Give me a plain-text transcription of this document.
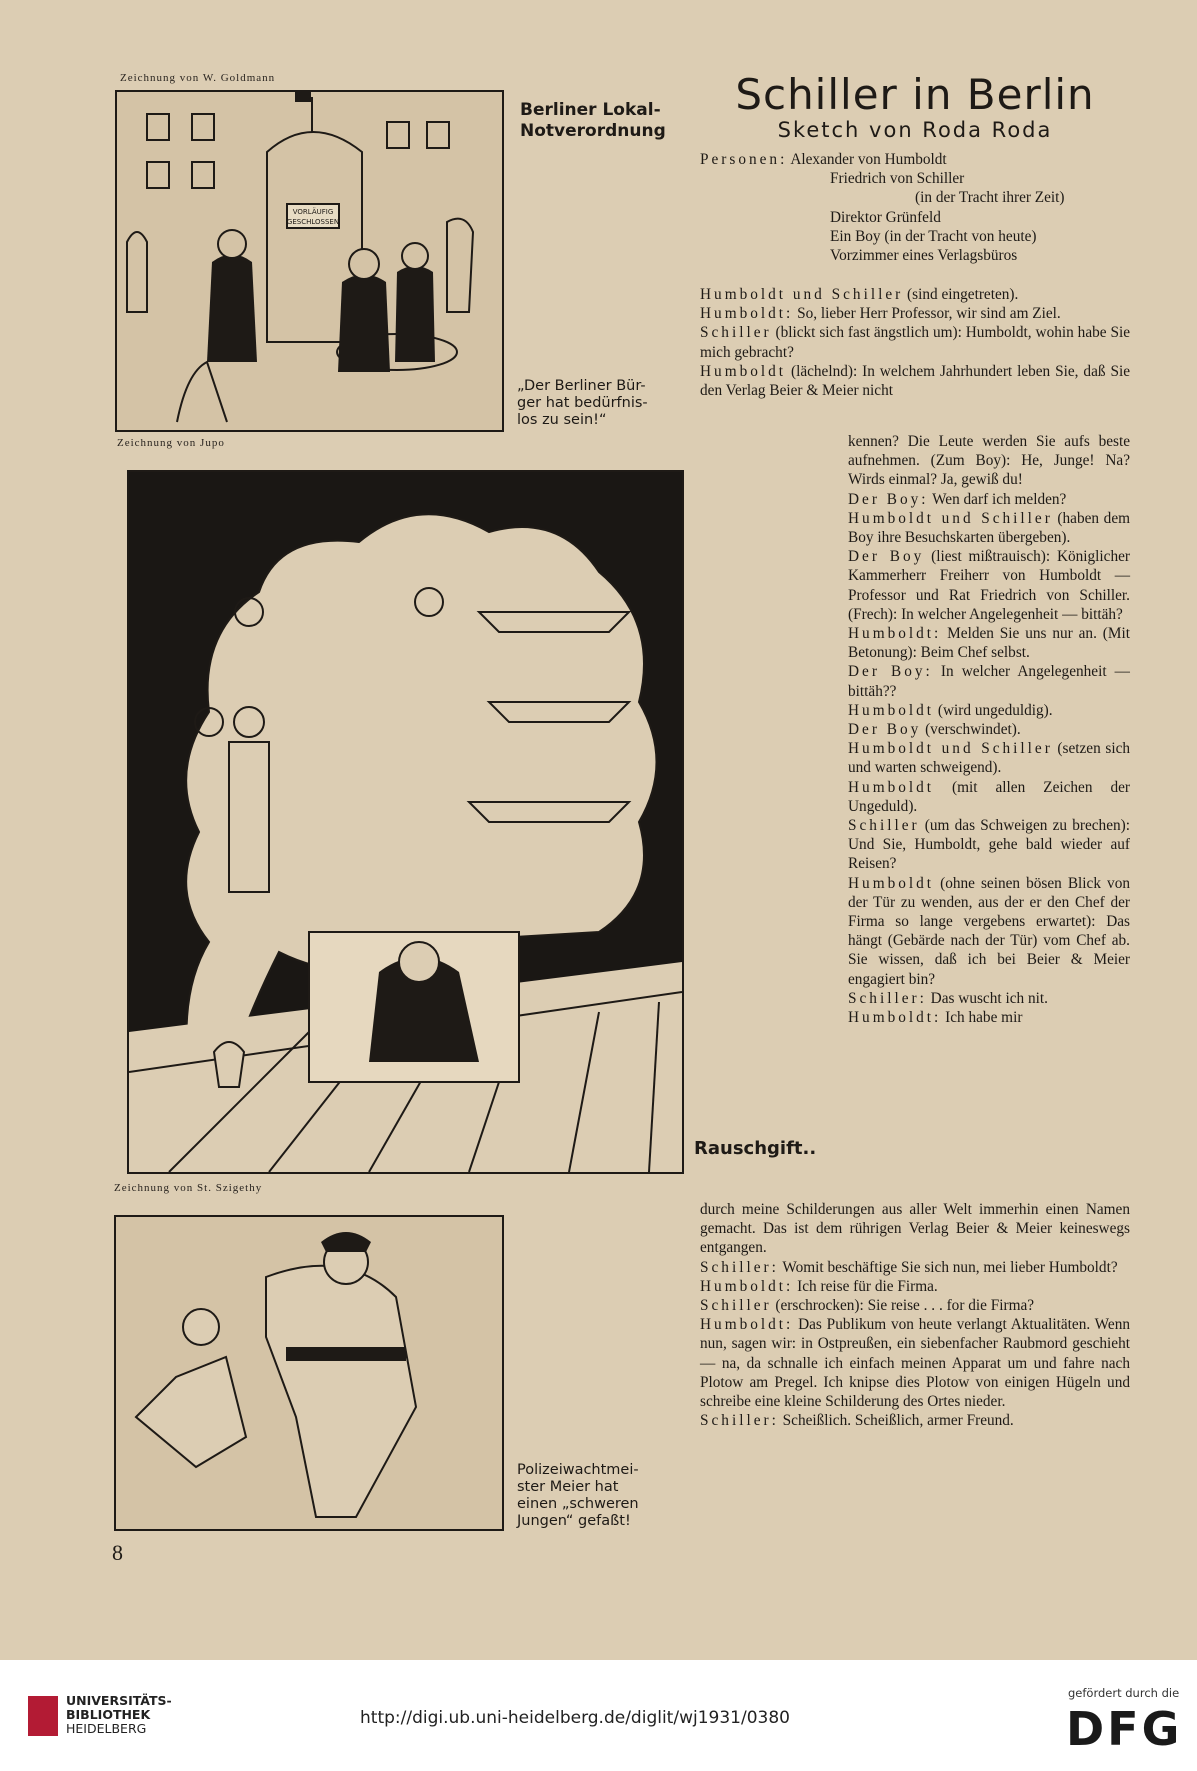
Zeichnung von W. Goldmann
Zeichnung von Jupo
Zeichnung von St. Szigethy
VORLÄUFIG
GESCHLOSSEN
Berliner Lokal-
Notverordnung
„Der Berliner Bür-
ger hat bedürfnis-
los zu sein!“
Rauschgift..
Polizeiwachtmei-
ster Meier hat
einen „schweren
Jungen“ gefaßt!
Schiller in Berlin
Sketch von Roda Roda
Personen: Alexander von Humboldt
Friedrich von Schiller
(in der Tracht ihrer Zeit)
Direktor Grünfeld
Ein Boy (in der Tracht von heute)
Vorzimmer eines Verlagsbüros

Humboldt und Schiller (sind eingetreten).

Humboldt: So, lieber Herr Professor, wir sind am Ziel.

Schiller (blickt sich fast ängstlich um): Humboldt, wohin habe Sie mich gebracht?

Humboldt (lächelnd): In welchem Jahrhundert leben Sie, daß Sie den Verlag Beier & Meier nicht

kennen? Die Leute werden Sie aufs beste aufnehmen. (Zum Boy): He, Junge! Na? Wirds einmal? Ja, gewiß du!

Der Boy: Wen darf ich melden?

Humboldt und Schiller (haben dem Boy ihre Besuchskarten übergeben).

Der Boy (liest mißtrauisch): Königlicher Kammerherr Freiherr von Humboldt — Professor und Rat Friedrich von Schiller. (Frech): In welcher Angelegenheit — bittäh?

Humboldt: Melden Sie uns nur an. (Mit Betonung): Beim Chef selbst.

Der Boy: In welcher Angelegenheit — bittäh??

Humboldt (wird ungeduldig).

Der Boy (verschwindet).

Humboldt und Schiller (setzen sich und warten schweigend).

Humboldt (mit allen Zeichen der Ungeduld).

Schiller (um das Schweigen zu brechen): Und Sie, Humboldt, gehe bald wieder auf Reisen?

Humboldt (ohne seinen bösen Blick von der Tür zu wenden, aus der er den Chef der Firma so lange vergebens erwartet): Das hängt (Gebärde nach der Tür) vom Chef ab. Sie wissen, daß ich bei Beier & Meier engagiert bin?

Schiller: Das wuscht ich nit.

Humboldt: Ich habe mir

durch meine Schilderungen aus aller Welt immerhin einen Namen gemacht. Das ist dem rührigen Verlag Beier & Meier keineswegs entgangen.

Schiller: Womit beschäftige Sie sich nun, mei lieber Humboldt?

Humboldt: Ich reise für die Firma.

Schiller (erschrocken): Sie reise . . . for die Firma?

Humboldt: Das Publikum von heute verlangt Aktualitäten. Wenn nun, sagen wir: in Ostpreußen, ein siebenfacher Raubmord geschieht — na, da schnalle ich einfach meinen Apparat um und fahre nach Plotow am Pregel. Ich knipse dies Plotow von einigen Hügeln und schreibe eine kleine Schilderung des Ortes nieder.

Schiller: Scheißlich. Scheißlich, armer Freund.

8
UNIVERSITÄTS-
BIBLIOTHEK
HEIDELBERG
http://digi.ub.uni-heidelberg.de/diglit/wj1931/0380
gefördert durch die
DFG
